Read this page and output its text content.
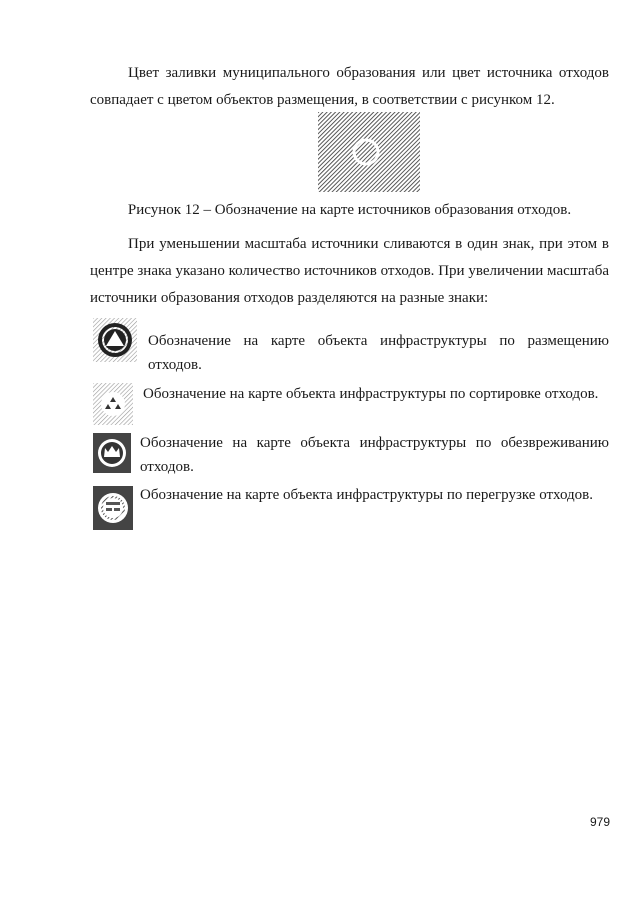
Цвет заливки муниципального образования или цвет источника отходов совпадает с цветом объектов размещения, в соответствии с рисунком 12.

Рисунок 12 – Обозначение на карте источников образования отходов.

При уменьшении масштаба источники сливаются в один знак, при этом в центре знака указано количество источников отходов. При увеличении масштаба источники образования отходов разделяются на разные знаки:

Обозначение на карте объекта инфраструктуры по размещению отходов.

Обозначение на карте объекта инфраструктуры по сортировке отходов.

Обозначение на карте объекта инфраструктуры по обезвреживанию отходов.

Обозначение на карте объекта инфраструктуры по перегрузке отходов.

979
